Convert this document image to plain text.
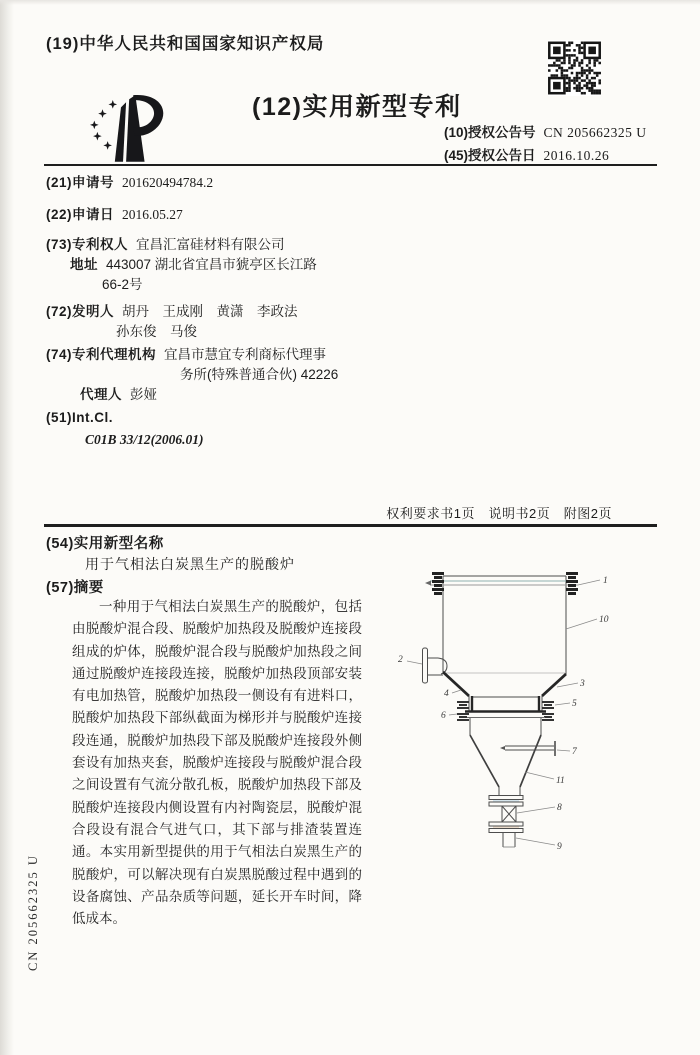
(19)中华人民共和国国家知识产权局
(12)实用新型专利
(10)授权公告号 CN 205662325 U
(45)授权公告日 2016.10.26
(21)申请号 201620494784.2
(22)申请日 2016.05.27
(73)专利权人 宜昌汇富硅材料有限公司
地址 443007 湖北省宜昌市猇亭区长江路
66-2号
(72)发明人 胡丹　王成刚　黄潇　李政法
孙东俊　马俊
(74)专利代理机构 宜昌市慧宜专利商标代理事
务所(特殊普通合伙) 42226
代理人 彭娅
(51)Int.Cl.
C01B 33/12(2006.01)
权利要求书1页　说明书2页　附图2页
(54)实用新型名称
用于气相法白炭黑生产的脱酸炉
(57)摘要
一种用于气相法白炭黑生产的脱酸炉，包括由脱酸炉混合段、脱酸炉加热段及脱酸炉连接段组成的炉体，脱酸炉混合段与脱酸炉加热段之间通过脱酸炉连接段连接，脱酸炉加热段顶部安装有电加热管，脱酸炉加热段一侧设有有进料口，脱酸炉加热段下部纵截面为梯形并与脱酸炉连接段连通，脱酸炉加热段下部及脱酸炉连接段外侧套设有加热夹套，脱酸炉连接段与脱酸炉混合段之间设置有气流分散孔板，脱酸炉加热段下部及脱酸炉连接段内侧设置有内衬陶瓷层，脱酸炉混合段设有混合气进气口，其下部与排渣装置连通。本实用新型提供的用于气相法白炭黑生产的脱酸炉，可以解决现有白炭黑脱酸过程中遇到的设备腐蚀、产品杂质等问题，延长开车时间，降低成本。
1
10
2
4
3
5
6
7
11
8
9
CN 205662325 U
